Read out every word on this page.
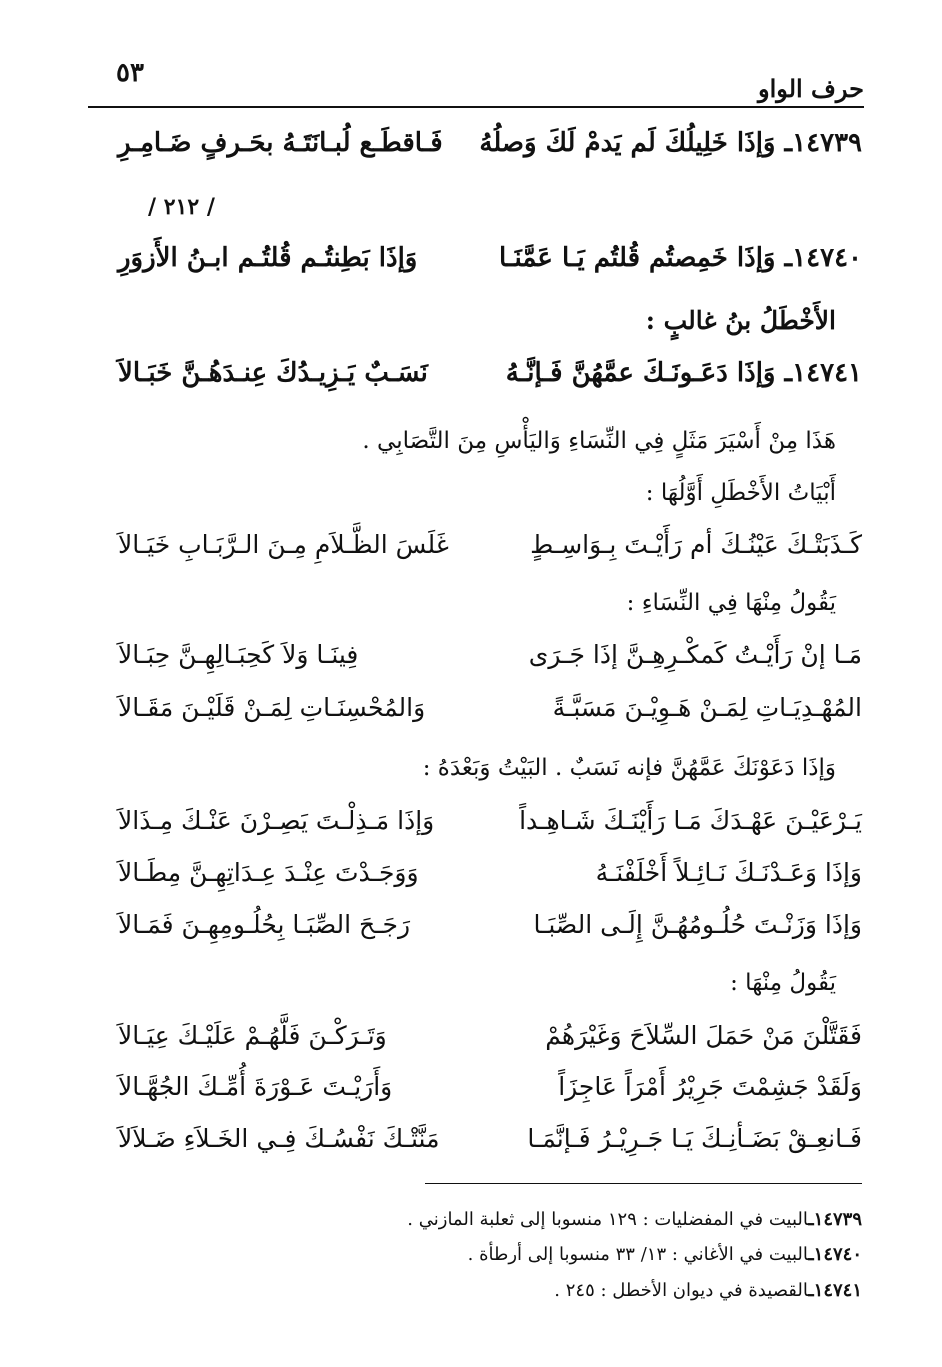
٥٣
حرف الواو
١٤٧٣٩ـ وَإذَا خَلِيلُكَ لَم يَدمْ لَكَ وَصلُهُ
فَـاقطَـع لُبـانَتَـهُ بحَـرفٍ ضَـامِـرِ
/ ٢١٢ /
١٤٧٤٠ـ وَإذَا خَمِصتُم قُلتُم يَـا عَمَّنَـا
وَإذَا بَطِنتُـم قُلتُـم ابـنُ الأَزوَرِ
الأَخْطَلُ بنُ غالبٍ :
١٤٧٤١ـ وَإذَا دَعَـونَـكَ عمَّهُنَّ فَـإنَّـهُ
نَسَـبٌ يَـزِيـدُكَ عِنـدَهُـنَّ خَبَـالاَ
هَذَا مِنْ أَسْيَرَ مَثَلٍ فِي النِّسَاءِ وَاليَأْسِ مِنَ التَّصَابِي .
أَبْيَاتُ الأَخْطَلِ أَوَّلُهَا :
كَـذَبَتْـكَ عَيْنُـكَ أم رَأَيْـتَ بِـوَاسِـطٍ
غَلَسَ الظَّـلاَمِ مِـنَ الـرَّبَـابِ خَيَـالاَ
يَقُولُ مِنْهَا فِي النِّسَاءِ :
مَـا إنْ رَأَيْـتُ كَمكْـرِهِـنَّ إذَا جَـرَى
فِينَـا وَلاَ كَحِبَـالِهِـنَّ حِبَـالاَ
المُهْـدِيَـاتِ لِمَـنْ هَـوِيْـنَ مَسَبَّـةً
وَالمُحْسِنَـاتِ لِمَـنْ قَلَيْـنَ مَقَـالاَ
وَإذَا دَعَوْنَكَ عَمَّهُنَّ فإنه نَسَبٌ . البَيْتُ وَبَعْدَهُ :
يَـرْعَيْـنَ عَهْـدَكَ مَـا رَأَيْنَـكَ شَـاهِـداً
وَإذَا مَـذِلْـتَ يَصِـرْنَ عَنْـكَ مِـذَالاَ
وَإذَا وَعَـدْنَـكَ نَـائِـلاً أَخْلَفْنَـهُ
وَوَجَـدْتَ عِنْـدَ عِـدَاتِهِـنَّ مِطَـالاَ
وَإذَا وَزَنْـتَ حُلُـومُهُـنَّ إِلَـى الصِّبَـا
رَجَـحَ الصِّبَـا بِحُلُـومِهِـنَ فَمَـالاَ
يَقُولُ مِنْهَا :
فَقَتَّلْنَ مَنْ حَمَلَ السِّلاَحَ وَغَيْرَهُمْ
وَتَـرَكْـنَ فَلَّهُـمْ عَلَيْـكَ عِيَـالاَ
وَلَقَدْ جَشِمْتَ جَرِيْرُ أَمْرَاً عَاجِزَاً
وَأَرَيْـتَ عَـوْرَةَ أُمِّـكَ الجُهَّـالاَ
فَـانعِـقْ بَضَـأنِـكَ يَـا جَـرِيْـرُ فَـإنَّمَـا
مَنَّتْـكَ نَفْسُـكَ فِـي الخَـلاَءِ ضَـلاَلاَ
١٤٧٣٩ـالبيت في المفضليات : ١٢٩ منسوبا إلى ثعلبة المازني .
١٤٧٤٠ـالبيت في الأغاني : ١٣/ ٣٣ منسوبا إلى أرطأة .
١٤٧٤١ـالقصيدة في ديوان الأخطل : ٢٤٥ .
